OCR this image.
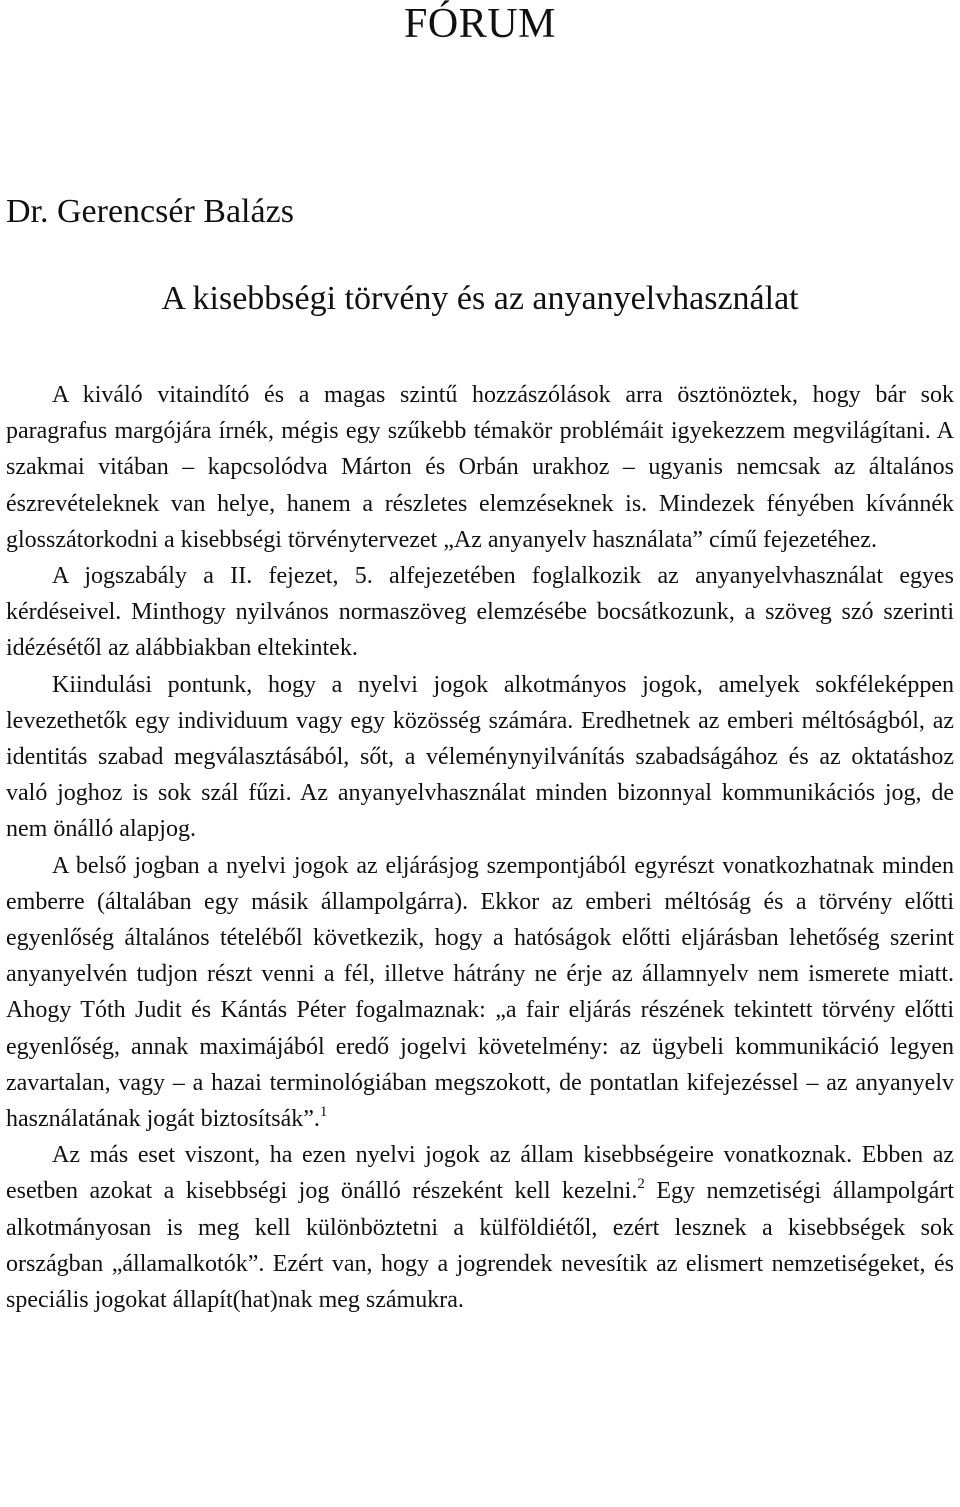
FÓRUM
Dr. Gerencsér Balázs
A kisebbségi törvény és az anyanyelvhasználat

A kiváló vitaindító és a magas szintű hozzászólások arra ösztönöztek, hogy bár sok paragrafus margójára írnék, mégis egy szűkebb témakör problémáit igyekezzem megvilágítani. A szakmai vitában – kapcsolódva Márton és Orbán urakhoz – ugyanis nemcsak az általános észrevételeknek van helye, hanem a részletes elemzéseknek is. Mindezek fényében kívánnék glosszátorkodni a kisebbségi törvénytervezet „Az anyanyelv használata” című fejezetéhez.

A jogszabály a II. fejezet, 5. alfejezetében foglalkozik az anyanyelvhasználat egyes kérdéseivel. Minthogy nyilvános normaszöveg elemzésébe bocsátkozunk, a szöveg szó szerinti idézésétől az alábbiakban eltekintek.

Kiindulási pontunk, hogy a nyelvi jogok alkotmányos jogok, amelyek sokféleképpen levezethetők egy individuum vagy egy közösség számára. Eredhetnek az emberi méltóságból, az identitás szabad megválasztásából, sőt, a véleménynyilvánítás szabadságához és az oktatáshoz való joghoz is sok szál fűzi. Az anyanyelvhasználat minden bizonnyal kommunikációs jog, de nem önálló alapjog.

A belső jogban a nyelvi jogok az eljárásjog szempontjából egyrészt vonatkozhatnak minden emberre (általában egy másik állampolgárra). Ekkor az emberi méltóság és a törvény előtti egyenlőség általános tételéből következik, hogy a hatóságok előtti eljárásban lehetőség szerint anyanyelvén tudjon részt venni a fél, illetve hátrány ne érje az államnyelv nem ismerete miatt. Ahogy Tóth Judit és Kántás Péter fogalmaznak: „a fair eljárás részének tekintett törvény előtti egyenlőség, annak maximájából eredő jogelvi követelmény: az ügybeli kommunikáció legyen zavartalan, vagy – a hazai terminológiában megszokott, de pontatlan kifejezéssel – az anyanyelv használatának jogát biztosítsák”.$^1$

Az más eset viszont, ha ezen nyelvi jogok az állam kisebbségeire vonatkoznak. Ebben az esetben azokat a kisebbségi jog önálló részeként kell kezelni.$^2$ Egy nemzetiségi állampolgárt alkotmányosan is meg kell különböztetni a külföldiétől, ezért lesznek a kisebbségek sok országban „államalkotók”. Ezért van, hogy a jogrendek nevesítik az elismert nemzetiségeket, és speciális jogokat állapít(hat)nak meg számukra.
